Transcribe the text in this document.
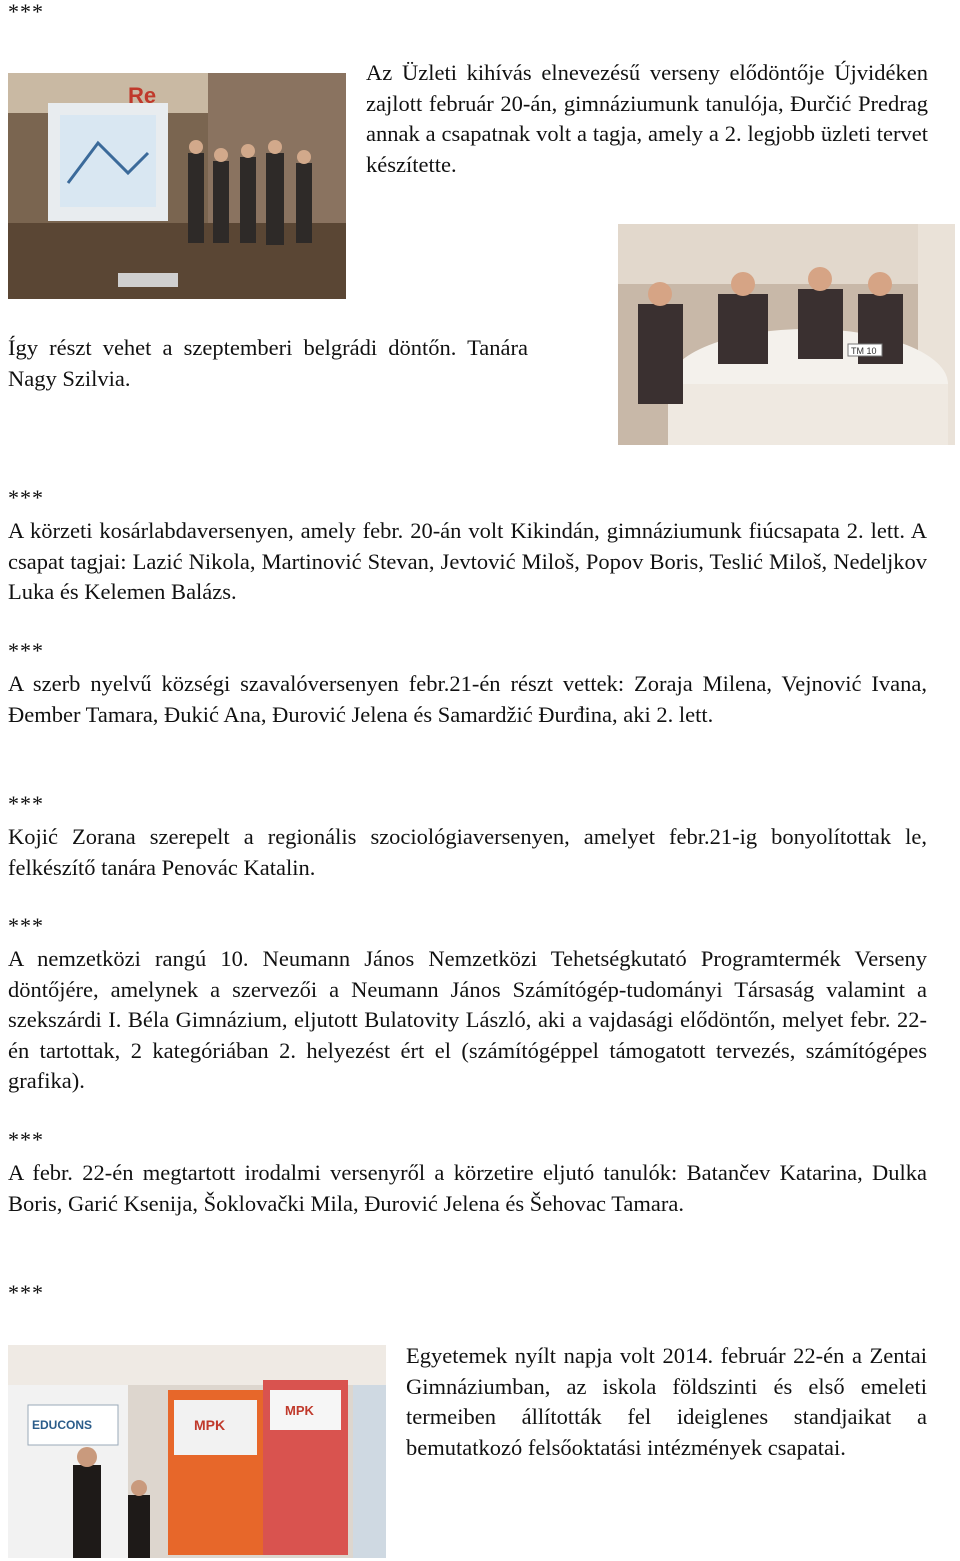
***
Re
Az Üzleti kihívás elnevezésű verseny elődöntője Újvidéken zajlott február 20-án, gimnáziumunk tanulója, Đurčić Predrag annak a csapatnak volt a tagja, amely a 2. legjobb üzleti tervet készítette.
TM 10
Így részt vehet a szeptemberi belgrádi döntőn. Tanára Nagy Szilvia.
***
A körzeti kosárlabdaversenyen, amely febr. 20-án volt Kikindán, gimnáziumunk fiúcsapata 2. lett. A csapat tagjai: Lazić Nikola, Martinović Stevan, Jevtović Miloš, Popov Boris, Teslić Miloš, Nedeljkov Luka és Kelemen Balázs.
***
A szerb nyelvű községi szavalóversenyen febr.21-én részt vettek: Zoraja Milena, Vejnović Ivana, Đember Tamara, Đukić Ana, Đurović Jelena és Samardžić Đurđina, aki 2. lett.
***
Kojić Zorana szerepelt a regionális szociológiaversenyen, amelyet febr.21-ig bonyolítottak le, felkészítő tanára Penovác Katalin.
***
A nemzetközi rangú 10. Neumann János Nemzetközi Tehetségkutató Programtermék Verseny döntőjére, amelynek a szervezői a Neumann János Számítógép-tudományi Társaság valamint a szekszárdi I. Béla Gimnázium, eljutott Bulatovity László, aki a vajdasági elődöntőn, melyet febr. 22-én tartottak, 2 kategóriában 2. helyezést ért el (számítógéppel támogatott tervezés, számítógépes grafika).
***
A febr. 22-én megtartott irodalmi versenyről a körzetire eljutó tanulók: Batančev Katarina, Dulka Boris, Garić Ksenija, Šoklovački Mila, Đurović Jelena és Šehovac Tamara.
***
EDUCONS	MPK
MPK
Egyetemek nyílt napja volt 2014. február 22-én a Zentai Gimnáziumban, az iskola földszinti és első emeleti termeiben állították fel ideiglenes standjaikat a bemutatkozó felsőoktatási intézmények csapatai.
